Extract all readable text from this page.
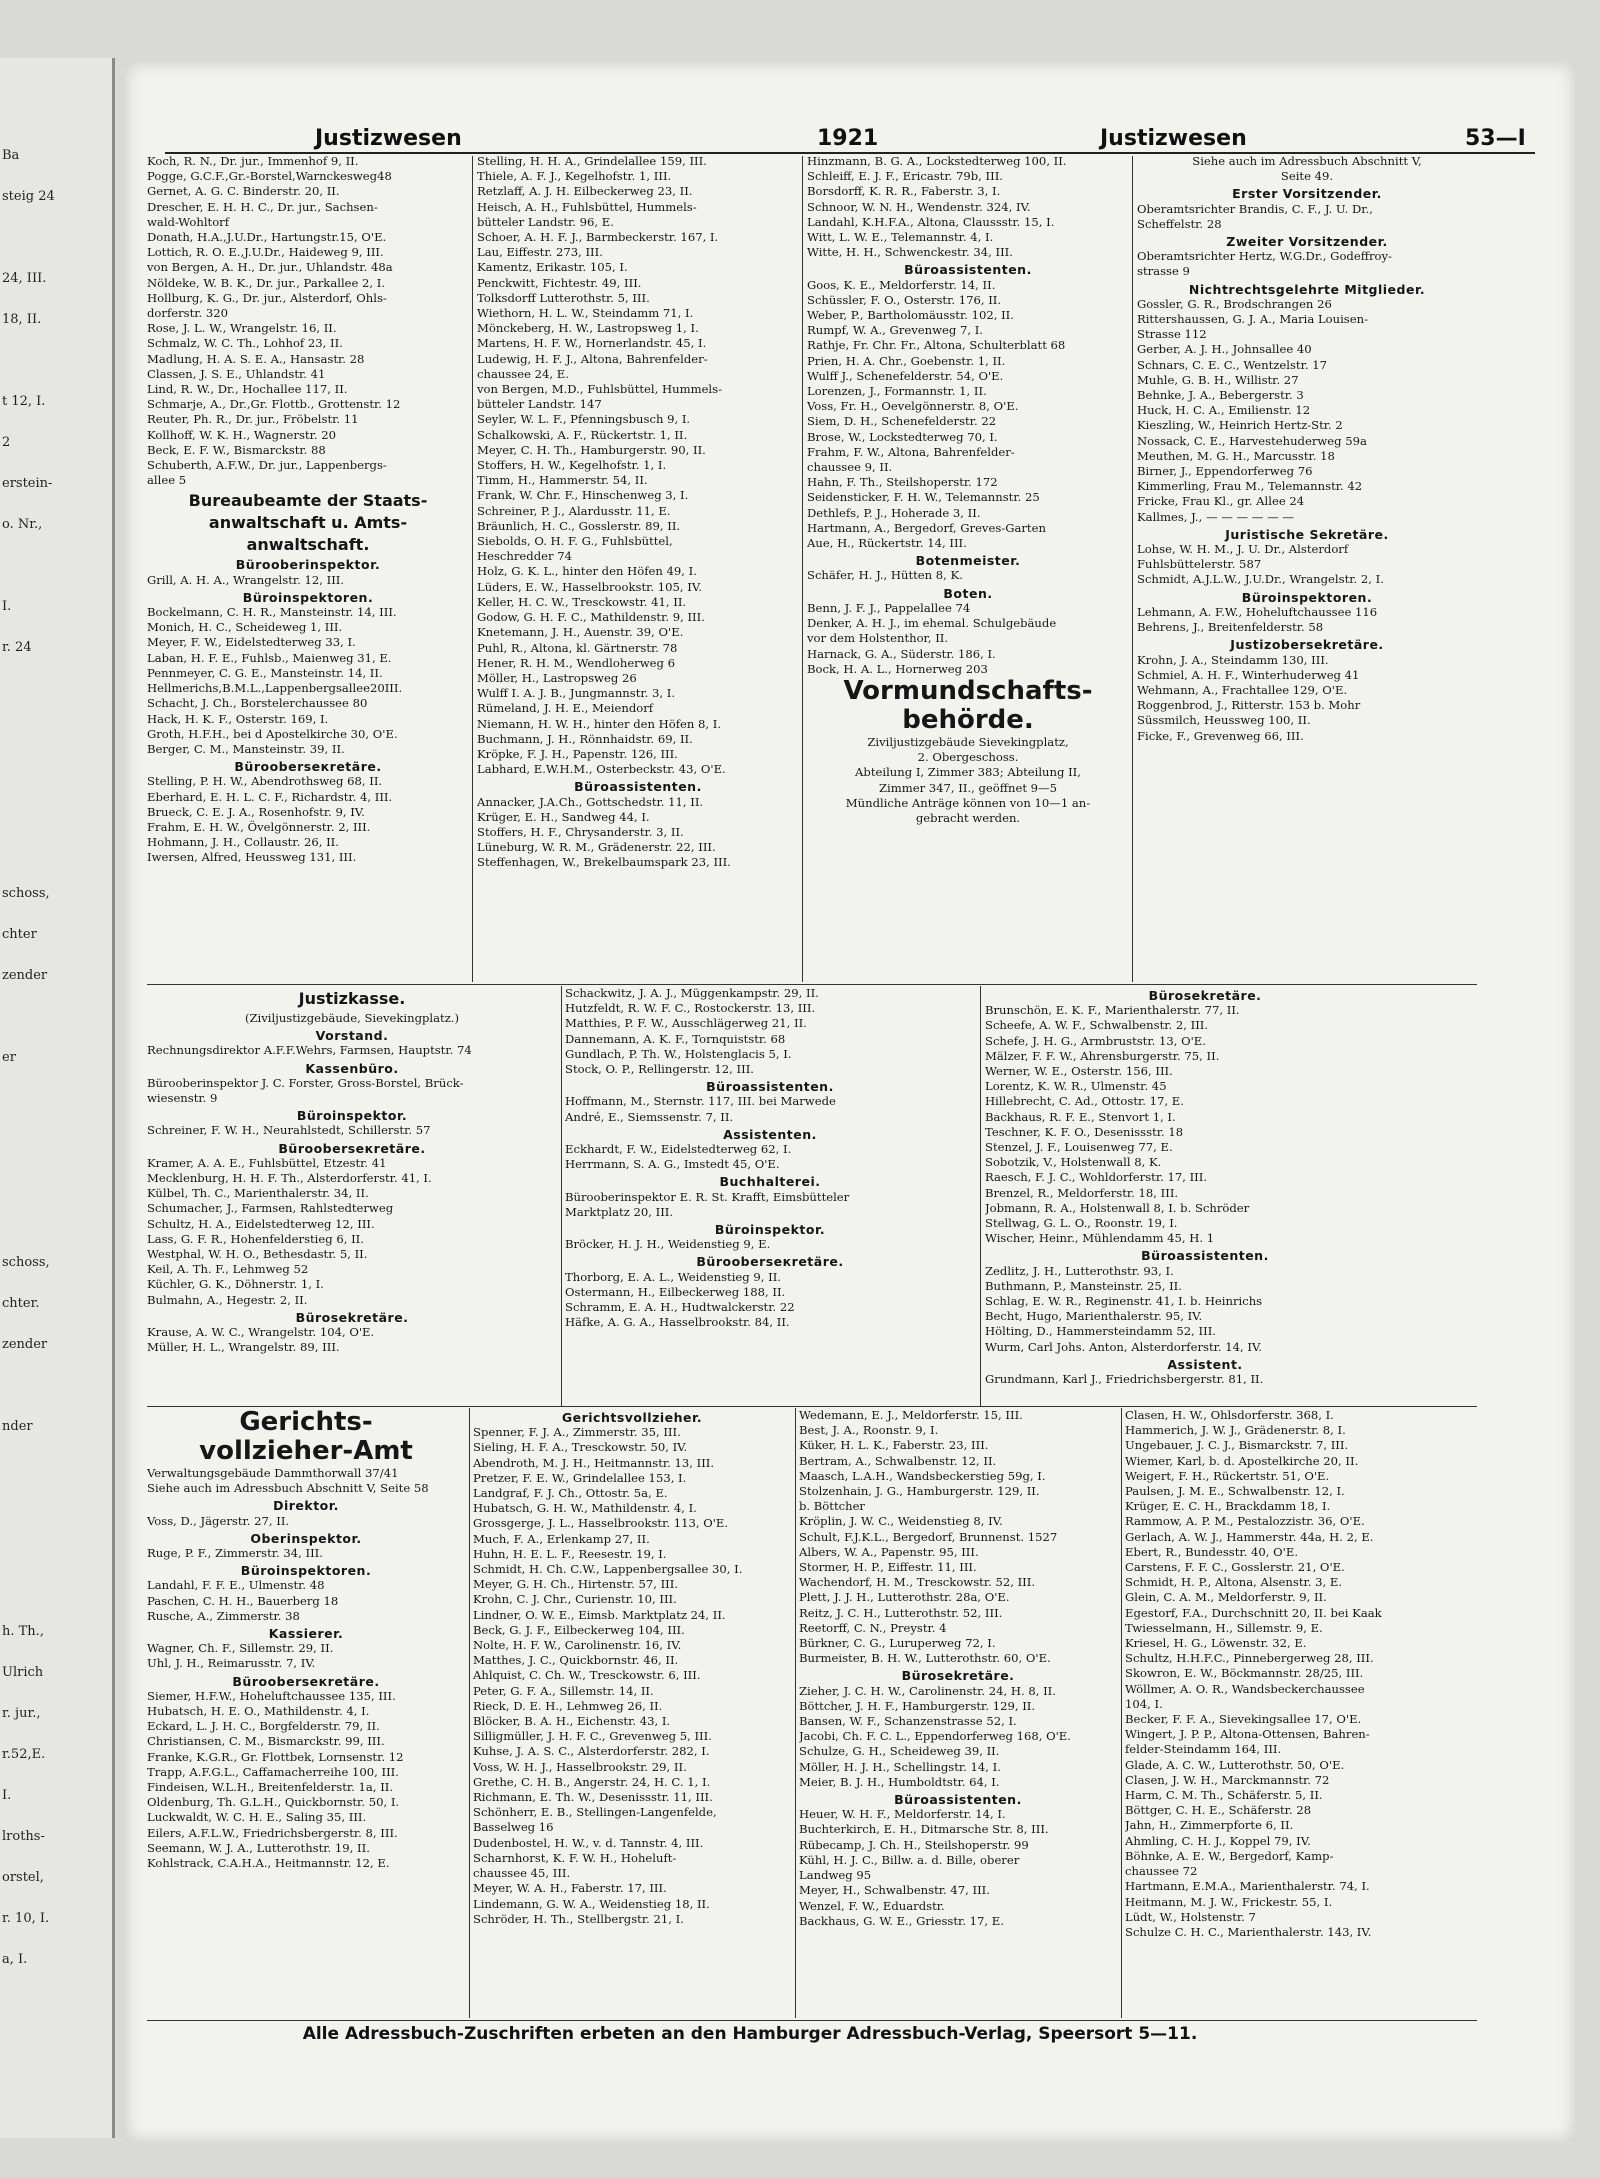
Ba
steig 24
24, III.
18, II.
t 12, I.
2
erstein-
o. Nr.,
I.
r. 24
schoss,
chter
zender
er
schoss,
chter.
zender
nder
h. Th.,
Ulrich
r. jur.,
r.52,E.
I.
lroths-
orstel,
r. 10, I.
a, I.
Justizwesen	1921	Justizwesen	53—I
Koch, R. N., Dr. jur., Immenhof 9, II.
Pogge, G.C.F.,Gr.-Borstel,Warnckesweg48
Gernet, A. G. C. Binderstr. 20, II.
Drescher, E. H. H. C., Dr. jur., Sachsen-
wald-Wohltorf
Donath, H.A.,J.U.Dr., Hartungstr.15, O'E.
Lottich, R. O. E.,J.U.Dr., Haideweg 9, III.
von Bergen, A. H., Dr. jur., Uhlandstr. 48a
Nöldeke, W. B. K., Dr. jur., Parkallee 2, I.
Hollburg, K. G., Dr. jur., Alsterdorf, Ohls-
dorferstr. 320
Rose, J. L. W., Wrangelstr. 16, II.
Schmalz, W. C. Th., Lohhof 23, II.
Madlung, H. A. S. E. A., Hansastr. 28
Classen, J. S. E., Uhlandstr. 41
Lind, R. W., Dr., Hochallee 117, II.
Schmarje, A., Dr.,Gr. Flottb., Grottenstr. 12
Reuter, Ph. R., Dr. jur., Fröbelstr. 11
Kollhoff, W. K. H., Wagnerstr. 20
Beck, E. F. W., Bismarckstr. 88
Schuberth, A.F.W., Dr. jur., Lappenbergs-
allee 5
Bureaubeamte der Staats-
anwaltschaft u. Amts-
anwaltschaft.
Bürooberinspektor.
Grill, A. H. A., Wrangelstr. 12, III.
Büroinspektoren.
Bockelmann, C. H. R., Mansteinstr. 14, III.
Monich, H. C., Scheideweg 1, III.
Meyer, F. W., Eidelstedterweg 33, I.
Laban, H. F. E., Fuhlsb., Maienweg 31, E.
Pennmeyer, C. G. E., Mansteinstr. 14, II.
Hellmerichs,B.M.L.,Lappenbergsallee20III.
Schacht, J. Ch., Borstelerchaussee 80
Hack, H. K. F., Osterstr. 169, I.
Groth, H.F.H., bei d Apostelkirche 30, O'E.
Berger, C. M., Mansteinstr. 39, II.
Bürooberseкretäre.
Stelling, P. H. W., Abendrothsweg 68, II.
Eberhard, E. H. L. C. F., Richardstr. 4, III.
Brueck, C. E. J. A., Rosenhofstr. 9, IV.
Frahm, E. H. W., Övelgönnerstr. 2, III.
Hohmann, J. H., Collaustr. 26, II.
Iwersen, Alfred, Heussweg 131, III.
Stelling, H. H. A., Grindelallee 159, III.
Thiele, A. F. J., Kegelhofstr. 1, III.
Retzlaff, A. J. H. Eilbeckerweg 23, II.
Heisch, A. H., Fuhlsbüttel, Hummels-
bütteler Landstr. 96, E.
Schoer, A. H. F. J., Barmbeckerstr. 167, I.
Lau, Eiffestr. 273, III.
Kamentz, Erikastr. 105, I.
Penckwitt, Fichtestr. 49, III.
Tolksdorff Lutterothstr. 5, III.
Wiethorn, H. L. W., Steindamm 71, I.
Mönckeberg, H. W., Lastropsweg 1, I.
Martens, H. F. W., Hornerlandstr. 45, I.
Ludewig, H. F. J., Altona, Bahrenfelder-
chaussee 24, E.
von Bergen, M.D., Fuhlsbüttel, Hummels-
bütteler Landstr. 147
Seyler, W. L. F., Pfenningsbusch 9, I.
Schalkowski, A. F., Rückertstr. 1, II.
Meyer, C. H. Th., Hamburgerstr. 90, II.
Stoffers, H. W., Kegelhofstr. 1, I.
Timm, H., Hammerstr. 54, II.
Frank, W. Chr. F., Hinschenweg 3, I.
Schreiner, P. J., Alardusstr. 11, E.
Bräunlich, H. C., Gosslerstr. 89, II.
Siebolds, O. H. F. G., Fuhlsbüttel,
Heschredder 74
Holz, G. K. L., hinter den Höfen 49, I.
Lüders, E. W., Hasselbrookstr. 105, IV.
Keller, H. C. W., Tresckowstr. 41, II.
Godow, G. H. F. C., Mathildenstr. 9, III.
Knetemann, J. H., Auenstr. 39, O'E.
Puhl, R., Altona, kl. Gärtnerstr. 78
Hener, R. H. M., Wendloherweg 6
Möller, H., Lastropsweg 26
Wulff I. A. J. B., Jungmannstr. 3, I.
Rümeland, J. H. E., Meiendorf
Niemann, H. W. H., hinter den Höfen 8, I.
Buchmann, J. H., Rönnhaidstr. 69, II.
Kröpke, F. J. H., Papenstr. 126, III.
Labhard, E.W.H.M., Osterbeckstr. 43, O'E.
Büroassistenten.
Annacker, J.A.Ch., Gottschedstr. 11, II.
Krüger, E. H., Sandweg 44, I.
Stoffers, H. F., Chrysanderstr. 3, II.
Lüneburg, W. R. M., Grädenerstr. 22, III.
Steffenhagen, W., Brekelbaumspark 23, III.
Hinzmann, B. G. A., Lockstedterweg 100, II.
Schleiff, E. J. F., Eriсastr. 79b, III.
Borsdorff, K. R. R., Faberstr. 3, I.
Schnoor, W. N. H., Wendenstr. 324, IV.
Landahl, K.H.F.A., Altona, Claussstr. 15, I.
Witt, L. W. E., Telemannstr. 4, I.
Witte, H. H., Schwenckestr. 34, III.
Büroassistenten.
Goos, K. E., Meldorferstr. 14, II.
Schüssler, F. O., Osterstr. 176, II.
Weber, P., Bartholomäusstr. 102, II.
Rumpf, W. A., Grevenweg 7, I.
Rathje, Fr. Chr. Fr., Altona, Schulterblatt 68
Prien, H. A. Chr., Goebenstr. 1, II.
Wulff J., Schenefelderstr. 54, O'E.
Lorenzen, J., Formannstr. 1, II.
Voss, Fr. H., Oevelgönnerstr. 8, O'E.
Siem, D. H., Schenefelderstr. 22
Brose, W., Lockstedterweg 70, I.
Frahm, F. W., Altona, Bahrenfelder-
chaussee 9, II.
Hahn, F. Th., Steilshoperstr. 172
Seidensticker, F. H. W., Telemannstr. 25
Dethlefs, P. J., Hoherade 3, II.
Hartmann, A., Bergedorf, Greves-Garten
Aue, H., Rückertstr. 14, III.
Botenmeister.
Schäfer, H. J., Hütten 8, K.
Boten.
Benn, J. F. J., Pappelallee 74
Denker, A. H. J., im ehemal. Schulgebäude
vor dem Holstenthor, II.
Harnack, G. A., Süderstr. 186, I.
Bock, H. A. L., Hornerweg 203
Vormundschafts-
behörde.
Ziviljustizgebäude Sievekingplatz,
2. Obergeschoss.
Abteilung I, Zimmer 383; Abteilung II,
Zimmer 347, II., geöffnet 9—5
Mündliche Anträge können von 10—1 an-
gebracht werden.
Siehe auch im Adressbuch Abschnitt V,
Seite 49.
Erster Vorsitzender.
Oberamtsrichter Brandis, C. F., J. U. Dr.,
Scheffelstr. 28
Zweiter Vorsitzender.
Oberamtsrichter Hertz, W.G.Dr., Godeffroy-
strasse 9
Nichtrechtsgelehrte Mitglieder.
Gossler, G. R., Brodschrangen 26
Rittershaussen, G. J. A., Maria Louisen-
Strasse 112
Gerber, A. J. H., Johnsallee 40
Schnars, C. E. C., Wentzelstr. 17
Muhle, G. B. H., Willistr. 27
Behnke, J. A., Bebergerstr. 3
Huck, H. C. A., Emilienstr. 12
Kieszling, W., Heinrich Hertz-Str. 2
Nossack, C. E., Harvestehuderweg 59a
Meuthen, M. G. H., Marcusstr. 18
Birner, J., Eppendorferweg 76
Kimmerling, Frau M., Telemannstr. 42
Fricke, Frau Kl., gr. Allee 24
Kallmes, J., — — — — — —
Juristische Sekretäre.
Lohse, W. H. M., J. U. Dr., Alsterdorf
Fuhlsbüttelerstr. 587
Schmidt, A.J.L.W., J.U.Dr., Wrangelstr. 2, I.
Büroinspektoren.
Lehmann, A. F.W., Hoheluftchaussee 116
Behrens, J., Breitenfelderstr. 58
Justizobersekretäre.
Krohn, J. A., Steindamm 130, III.
Schmiel, A. H. F., Winterhuderweg 41
Wehmann, A., Frachtallee 129, O'E.
Roggenbrod, J., Ritterstr. 153 b. Mohr
Süssmilch, Heussweg 100, II.
Ficke, F., Grevenweg 66, III.
Justizkasse.
(Ziviljustizgebäude, Sievekingplatz.)
Vorstand.
Rechnungsdirektor A.F.F.Wehrs, Farmsen, Hauptstr. 74
Kassenbüro.
Bürooberinspektor J. C. Forster, Gross-Borstel, Brück-
wiesenstr. 9
Büroinspektor.
Schreiner, F. W. H., Neurahlstedt, Schillerstr. 57
Bürooberseкretäre.
Kramer, A. A. E., Fuhlsbüttel, Etzestr. 41
Mecklenburg, H. H. F. Th., Alsterdorferstr. 41, I.
Külbel, Th. C., Marienthalerstr. 34, II.
Schumacher, J., Farmsen, Rahlstedterweg
Schultz, H. A., Eidelstedterweg 12, III.
Lass, G. F. R., Hohenfelderstieg 6, II.
Westphal, W. H. O., Bethesdastr. 5, II.
Keil, A. Th. F., Lehmweg 52
Küchler, G. K., Döhnerstr. 1, I.
Bulmahn, A., Hegestr. 2, II.
Bürosekretäre.
Krause, A. W. C., Wrangelstr. 104, O'E.
Müller, H. L., Wrangelstr. 89, III.
Schackwitz, J. A. J., Müggenkampstr. 29, II.
Hutzfeldt, R. W. F. C., Rostockerstr. 13, III.
Matthies, P. F. W., Ausschlägerweg 21, II.
Dannemann, A. K. F., Tornquiststr. 68
Gundlach, P. Th. W., Holstenglacis 5, I.
Stock, O. P., Rellingerstr. 12, III.
Büroassistenten.
Hoffmann, M., Sternstr. 117, III. bei Marwede
André, E., Siemssenstr. 7, II.
Assistenten.
Eckhardt, F. W., Eidelstedterweg 62, I.
Herrmann, S. A. G., Imstedt 45, O'E.
Buchhalterei.
Bürooberinspektor E. R. St. Krafft, Eimsbütteler
Marktplatz 20, III.
Büroinspektor.
Bröcker, H. J. H., Weidenstieg 9, E.
Bürooberseкretäre.
Thorborg, E. A. L., Weidenstieg 9, II.
Ostermann, H., Eilbeckerweg 188, II.
Schramm, E. A. H., Hudtwalckerstr. 22
Häfke, A. G. A., Hasselbrookstr. 84, II.
Bürosekretäre.
Brunschön, E. K. F., Marienthalerstr. 77, II.
Scheefe, A. W. F., Schwalbenstr. 2, III.
Schefe, J. H. G., Armbruststr. 13, O'E.
Mälzer, F. F. W., Ahrensburgerstr. 75, II.
Werner, W. E., Osterstr. 156, III.
Lorentz, K. W. R., Ulmenstr. 45
Hillebrecht, C. Ad., Ottostr. 17, E.
Backhaus, R. F. E., Stenvort 1, I.
Teschner, K. F. O., Desenissstr. 18
Stenzel, J. F., Louisenweg 77, E.
Sobotzik, V., Holstenwall 8, K.
Raesch, F. J. C., Wohldorferstr. 17, III.
Brenzel, R., Meldorferstr. 18, III.
Jobmann, R. A., Holstenwall 8, I. b. Schröder
Stellwag, G. L. O., Roonstr. 19, I.
Wischer, Heinr., Mühlendamm 45, H. 1
Büroassistenten.
Zedlitz, J. H., Lutterothstr. 93, I.
Buthmann, P., Mansteinstr. 25, II.
Schlag, E. W. R., Reginenstr. 41, I. b. Heinrichs
Becht, Hugo, Marienthalerstr. 95, IV.
Hölting, D., Hammersteindamm 52, III.
Wurm, Carl Johs. Anton, Alsterdorferstr. 14, IV.
Assistent.
Grundmann, Karl J., Friedrichsbergerstr. 81, II.
Gerichts-
vollzieher-Amt
Verwaltungsgebäude Dammthorwall 37/41
Siehe auch im Adressbuch Abschnitt V, Seite 58
Direktor.
Voss, D., Jägerstr. 27, II.
Oberinspektor.
Ruge, P. F., Zimmerstr. 34, III.
Büroinspektoren.
Landahl, F. F. E., Ulmenstr. 48
Paschen, C. H. H., Bauerberg 18
Rusche, A., Zimmerstr. 38
Kassierer.
Wagner, Ch. F., Sillemstr. 29, II.
Uhl, J. H., Reimarusstr. 7, IV.
Bürooberseкretäre.
Siemer, H.F.W., Hoheluftchaussee 135, III.
Hubatsch, H. E. O., Mathildenstr. 4, I.
Eckard, L. J. H. C., Borgfelderstr. 79, II.
Christiansen, C. M., Bismarckstr. 99, III.
Franke, K.G.R., Gr. Flottbek, Lornsenstr. 12
Trapp, A.F.G.L., Caffamacherreihe 100, III.
Findeisen, W.L.H., Breitenfelderstr. 1a, II.
Oldenburg, Th. G.L.H., Quickbornstr. 50, I.
Luckwaldt, W. C. H. E., Saling 35, III.
Eilers, A.F.L.W., Friedrichsbergerstr. 8, III.
Seemann, W. J. A., Lutterothstr. 19, II.
Kohlstrack, C.A.H.A., Heitmannstr. 12, E.
Gerichtsvollzieher.
Spenner, F. J. A., Zimmerstr. 35, III.
Sieling, H. F. A., Tresckowstr. 50, IV.
Abendroth, M. J. H., Heitmannstr. 13, III.
Pretzer, F. E. W., Grindelallee 153, I.
Landgraf, F. J. Ch., Ottostr. 5a, E.
Hubatsch, G. H. W., Mathildenstr. 4, I.
Grossgerge, J. L., Hasselbrookstr. 113, O'E.
Much, F. A., Erlenkamp 27, II.
Huhn, H. E. L. F., Reesestr. 19, I.
Schmidt, H. Ch. C.W., Lappenbergsallee 30, I.
Meyer, G. H. Ch., Hirtenstr. 57, III.
Krohn, C. J. Chr., Curienstr. 10, III.
Lindner, O. W. E., Eimsb. Marktplatz 24, II.
Beck, G. J. F., Eilbeckerweg 104, III.
Nolte, H. F. W., Carolinenstr. 16, IV.
Matthes, J. C., Quickbornstr. 46, II.
Ahlquist, C. Ch. W., Tresckowstr. 6, III.
Peter, G. F. A., Sillemstr. 14, II.
Rieck, D. E. H., Lehmweg 26, II.
Blöcker, B. A. H., Eichenstr. 43, I.
Silligmüller, J. H. F. C., Grevenweg 5, III.
Kuhse, J. A. S. C., Alsterdorferstr. 282, I.
Voss, W. H. J., Hasselbrookstr. 29, II.
Grethe, C. H. B., Angerstr. 24, H. C. 1, I.
Richmann, E. Th. W., Desenissstr. 11, III.
Schönherr, E. B., Stellingen-Langenfelde,
Basselweg 16
Dudenbostel, H. W., v. d. Tannstr. 4, III.
Scharnhorst, K. F. W. H., Hoheluft-
chaussee 45, III.
Meyer, W. A. H., Faberstr. 17, III.
Lindemann, G. W. A., Weidenstieg 18, II.
Schröder, H. Th., Stellbergstr. 21, I.
Wedemann, E. J., Meldorferstr. 15, III.
Best, J. A., Roonstr. 9, I.
Küker, H. L. K., Faberstr. 23, III.
Bertram, A., Schwalbenstr. 12, II.
Maasch, L.A.H., Wandsbeckerstieg 59g, I.
Stolzenhain, J. G., Hamburgerstr. 129, II.
b. Böttcher
Kröplin, J. W. C., Weidenstieg 8, IV.
Schult, F.J.K.L., Bergedorf, Brunnenst. 1527
Albers, W. A., Papenstr. 95, III.
Stormer, H. P., Eiffestr. 11, III.
Wachendorf, H. M., Tresckowstr. 52, III.
Plett, J. J. H., Lutterothstr. 28a, O'E.
Reitz, J. C. H., Lutterothstr. 52, III.
Reetorff, C. N., Preystr. 4
Bürkner, C. G., Luruperweg 72, I.
Burmeister, B. H. W., Lutterothstr. 60, O'E.
Bürosekretäre.
Zieher, J. C. H. W., Carolinenstr. 24, H. 8, II.
Böttcher, J. H. F., Hamburgerstr. 129, II.
Bansen, W. F., Schanzenstrasse 52, I.
Jacobi, Ch. F. C. L., Eppendorferweg 168, O'E.
Schulze, G. H., Scheideweg 39, II.
Möller, H. J. H., Schellingstr. 14, I.
Meier, B. J. H., Humboldtstr. 64, I.
Büroassistenten.
Heuer, W. H. F., Meldorferstr. 14, I.
Buchterkirch, E. H., Ditmarsche Str. 8, III.
Rübecamp, J. Ch. H., Steilshoperstr. 99
Kühl, H. J. C., Billw. a. d. Bille, oberer
Landweg 95
Meyer, H., Schwalbenstr. 47, III.
Wenzel, F. W., Eduardstr.
Backhaus, G. W. E., Griesstr. 17, E.
Clasen, H. W., Ohlsdorferstr. 368, I.
Hammerich, J. W. J., Grädenerstr. 8, I.
Ungebauer, J. C. J., Bismarckstr. 7, III.
Wiemer, Karl, b. d. Apostelkirche 20, II.
Weigert, F. H., Rückertstr. 51, O'E.
Paulsen, J. M. E., Schwalbenstr. 12, I.
Krüger, E. C. H., Brackdamm 18, I.
Rammow, A. P. M., Pestalozzistr. 36, O'E.
Gerlach, A. W. J., Hammerstr. 44a, H. 2, E.
Ebert, R., Bundesstr. 40, O'E.
Carstens, F. F. C., Gosslerstr. 21, O'E.
Schmidt, H. P., Altona, Alsenstr. 3, E.
Glein, C. A. M., Meldorferstr. 9, II.
Egestorf, F.A., Durchschnitt 20, II. bei Kaak
Twiesselmann, H., Sillemstr. 9, E.
Kriesel, H. G., Löwenstr. 32, E.
Schultz, H.H.F.C., Pinnebergerweg 28, III.
Skowron, E. W., Böckmannstr. 28/25, III.
Wöllmer, A. O. R., Wandsbeckerchaussee
104, I.
Becker, F. F. A., Sievekingsallee 17, O'E.
Wingert, J. P. P., Altona-Ottensen, Bahren-
felder-Steindamm 164, III.
Glade, A. C. W., Lutterothstr. 50, O'E.
Clasen, J. W. H., Marckmannstr. 72
Harm, C. M. Th., Schäferstr. 5, II.
Böttger, C. H. E., Schäferstr. 28
Jahn, H., Zimmerpforte 6, II.
Ahmling, C. H. J., Koppel 79, IV.
Böhnke, A. E. W., Bergedorf, Kamp-
chaussee 72
Hartmann, E.M.A., Marienthalerstr. 74, I.
Heitmann, M. J. W., Frickestr. 55, I.
Lüdt, W., Holstenstr. 7
Schulze C. H. C., Marienthalerstr. 143, IV.
Alle Adressbuch-Zuschriften erbeten an den Hamburger Adressbuch-Verlag, Speersort 5—11.
